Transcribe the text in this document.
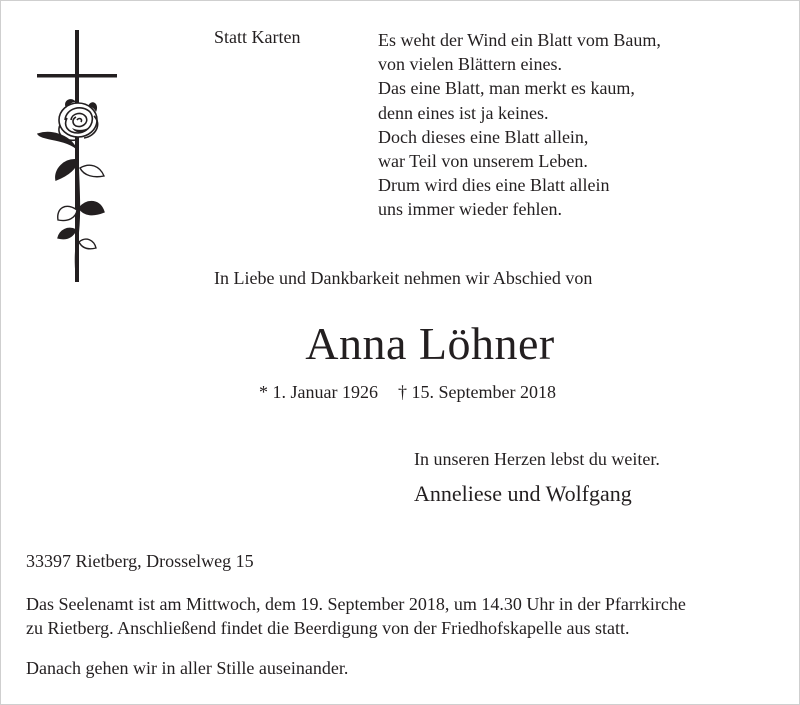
Statt Karten	Es weht der Wind ein Blatt vom Baum,
von vielen Blättern eines.
Das eine Blatt, man merkt es kaum,
denn eines ist ja keines.
Doch dieses eine Blatt allein,
war Teil von unserem Leben.
Drum wird dies eine Blatt allein
uns immer wieder fehlen.
In Liebe und Dankbarkeit nehmen wir Abschied von
Anna Löhner
* 1. Januar 1926 † 15. September 2018
In unseren Herzen lebst du weiter.
Anneliese und Wolfgang
33397 Rietberg, Drosselweg 15
Das Seelenamt ist am Mittwoch, dem 19. September 2018, um 14.30 Uhr in der Pfarrkirche
zu Rietberg. Anschließend findet die Beerdigung von der Friedhofskapelle aus statt.
Danach gehen wir in aller Stille auseinander.
